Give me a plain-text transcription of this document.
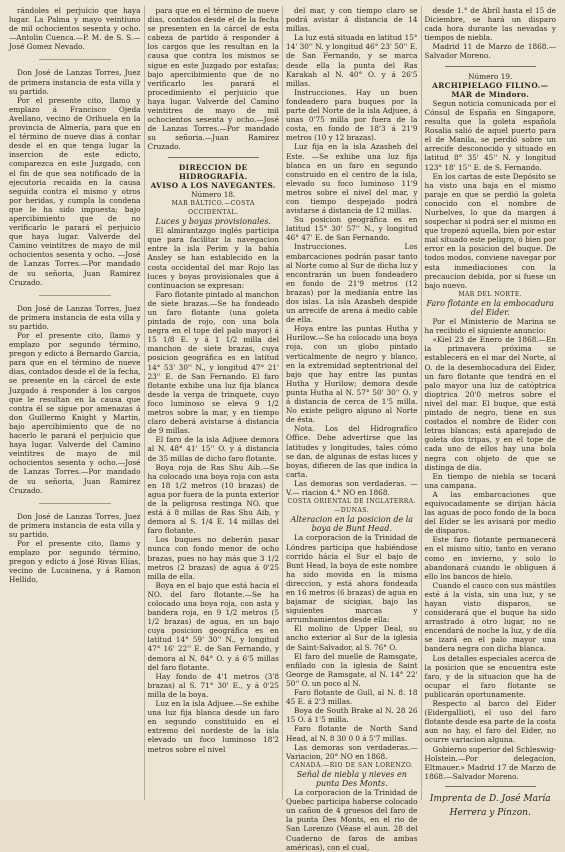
rándoles el perjuicio que haya lugar. La Palma y mayo veintiuno de mil ochocientos sesenta y ocho.—Antolin Cuenca.—P. M. de S. S.—José Gomez Nevado.

Don José de Lanzas Torres, Juez de primera instancia de esta villa y su partido.

Por el presente cito, llamo y emplazo á Francisco Ojeda Avellano, vecino de Orihuela en la provincia de Almería, para que en el término de nueve dias á contar desde el en que tenga lugar la insercion de este edicto, comparezca en este Juzgado, con el fin de que sea notificado de la ejecutoria recaida en la causa seguida contra el mismo y otros por heridas, y cumpla la condena que le ha sido impuesta; bajo apercibimiento que de no verificarlo le parará el perjuicio que haya lugar. Valverde del Camino veintitres de mayo de mil ochocientos sesenta y ocho. —José de Lanzas Torres.—Por mandado de su señoria, Juan Ramirez Cruzado.

Don José de Lanzas Torres, Juez de primera instancia de esta villa y su partido.

Por el presente cito, llamo y emplazo por segundo término, pregon y edicto á Bernardo Garcia, para que en el término de nueve dias, contados desde el de la fecha, se presente en la cárcel de este Juzgado á responder á los cargos que le resultan en la causa que contra él se sigue por amenazas á don Guillermo Knight y Martin, bajo apercibimiento que de no hacerlo le parará el perjuicio que haya lugar. Valverde del Camino veintitres de mayo de mil ochocientos sesenta y ocho.—José de Lanzas Torres.—Por mandado de su señoria, Juan Ramirez Cruzado.

Don José de Lanzas Torres, Juez de primera instancia de esta villa y su partido.

Por el presente cito, llamo y emplazo por segundo término, pregon y edicto á José Rivas Elías, vecino de Lucainena, y á Ramon Hellido,

para que en el término de nueve dias, contados desde el de la fecha se presenten en la cárcel de esta cabeza de partido á responder á los cargos que les resultan en la causa que contra los mismos se sigue en este Juzgado por estafas; bajo apercibimiento que de no verificarlo les parará el procedimiento el perjuicio que haya lugar. Valverde del Camino veintitres de mayo de mil ochocientos sesenta y ocho.—José de Lanzas Torres.—Por mandado su señoria.—Juan Ramirez Cruzado.

DIRECCION DE HIDROGRAFÍA.

AVISO A LOS NAVEGANTES.

Número 18.

MAR BÁLTICO.—COSTA OCCIDENTAL.

Luces y boyas provisionales.

El almirantazgo inglés participa que para facilitar la navegacion entre la isla Perim y la bahía Ansley se han establecido en la costa occidental del mar Rojo las luces y boyas provisionales que á continuacion se expresan:

Faro flotante pintado al manchon de siete brazas.—Se ha fondeado un faro flotante (una goleta pintada de rojo, con una bola negra en el tope del palo mayor) á 15 1/8 E. y á 1 1/2 milla del manchon de siete brazas, cuya posicion geográfica es en latitud 14° 53' 30'' N., y longitud 47° 21' 23'' E. de San Fernando. El faro flotante exhibe una luz fija blanca desde la verga de trinquete, cuyo foco luminoso se eleva 9 1/2 metros sobre la mar, y en tiempo claro deberá avistarse á distancia de 9 millas.

El faro de la isla Adjuee demora al N. 48° 41' 15'' O. y á distancia de 35 millas de dicho faro flotante.

Boya roja de Ras Shu Aib.—Se ha colocado una boya roja con asta en 18 1/2 metros (10 brazas) de agua por fuera de la punta exterior de la peligrosa restinga NO. que está á 8 millas de Ras Shu Aib, y demora al S. 1/4 E. 14 millas del faro flotante.

Los buques no deberán pasar nunca con fondo menor de ocho brazas, pues no hay más que 3 1/2 metros (2 brazas) de agua á 0'25 milla de ella.

Boya en el bajo que está hacia el NO. del faro flotante.—Se ha colocado una boya roja, con asta y bandera roja, en 9 1/2 metros (5 1/2 brazas) de agua, en un bajo cuya posicion geográfica es en latitud 14° 59' 30'' N., y longitud 47° 16' 22'' E. de San Fernando, y demora al N. 84° O. y á 6'5 millas del faro flotante.

Hay fondo de 4'1 metros (3'8 brazas) al S. 71° 30' E., y á 0'25 milla de la boya.

Luz en la isla Adjuee.—Se exhibe una luz fija blanca desde un faro en segundo constituido en el extremo del nordeste de la isla elevado un foco luminoso 18'2 metros sobre el nivel

del mar, y con tiempo claro se podrá avistar á distancia de 14 millas.

La luz está situada en latitud 15° 14' 30'' N. y longitud 46° 23' 50'' E. de San Fernando, y se marca desde ella la punta del Ras Karakah al N. 40° O. y á 26'5 millas.

Instrucciones. Hay un buen fondeadero para buques por la parte del Norte de la isla Adjuee, á unas 0'75 milla por fuera de la costa, en fondo de 18'3 á 21'9 metros (10 y 12 brazas).

Luz fija en la isla Azasbeh del Este. —Se exhibe una luz fija blanca en un faro en segundo construido en el centro de la isla, elevado su foco luminoso 11'9 metros sobre el nivel del mar, y con tiempo despejado podrá avistarse á distancia de 12 millas.

Su posicion geográfica es en latitud 15° 30' 57'' N., y longitud 46° 47' E. de San Fernando.

Instrucciones. Los embarcaciones podrán pasar tanto al Norte como al Sur de dicha luz y encontrarán un buen fondeadero en fondo de 21'9 metros (12 brazas) por la medianía entre las dos islas. La isla Azasbeh despide un arrecife de arena á medio cable de ella.

Hoya entre las puntas Hutha y Hurilow.—Se ha colocado una boya roja, con un globo pintado verticalmente de negro y blanco, en la extremidad septentrional del bajo que hay entre las puntas Hutha y Hurilow; demora desde punta Hutha al N. 57° 50' 30'' O. y á distancia de cerca de 1'5 milla. No existe peligro alguno al Norte de ésta.

Nota. Los del Hidrografíco Office. Debe advertirse que las latitudes y longitudes, tales cómo se dan, de algunas de estas luces y boyas, difieren de las que indica la carta.

Las demoras son verdaderas. —V.— riacion 4.° NO en 1868.

COSTA ORIENTAL DE INGLATERRA.—DUNAS.

Alteracion en la posicion de la boya de Bunt Head.

La corporacion de la Trinidad de Lóndres participa que habiéndose corrido hácia el Sur el bajo de Bunt Head, la boya de este nombre ha sido movida en la misma direccion, y está ahora fondeada en 16 metros (6 brazas) de agua en bajamar de sicigias, bajo las siguientes marcas y arrumbamientos desde ella:

El molino de Upper Deal, su ancho exterior al Sur de la iglesia de Saint-Salvador, al S. 76° O.

El faro del muelle de Ramsgate, enfilado con la iglesia de Saint George de Ramsgate, al N. 14° 22' 50'' O. un poco al N.

Faro flotante de Gull, al N. 8. 18 45 E. á 2'3 millas.

Boya de South Brake al N. 28 26 15 O. á 1'5 milla.

Faro flotante de North Sand Head, al N. 8 30 0 0 á 5'7 millas.

Las demoras son verdaderas.—Variacion, 20° NO en 1868.

CANADÁ.—RIO DE SAN LORENZO.

Señal de niebla y nieves en punta Des Monts.

La corporacion de la Trinidad de Quebec participa haberse colocado un cañon de 4 gruesos del faro de la punta Des Monts, en el rio de San Lorenzo (Véase el aun. 28 del Cuaderno de faros de ambas américas), con el cual,

desde 1.° de Abril hasta el 15 de Diciembre, se hará un disparo cada hora durante las nevadas y tiempos de niebla.

Madrid 11 de Marzo de 1868.— Salvador Moreno.

Número 19.

ARCHIPIELAGO FILINO.—MAR de Mindoro.

Segun noticia comunicada por el Cónsul de España en Singapore, resulta que la goleta española Rosalia salió de aquel puerto para el de Manila, se perdió sobre un arrecife desconocido y situado en latitud 8° 35' 45'' N. y longitud 123° 18' 15'' E. de S. Fernando.

En los cartas de este Depósito se ha visto una baja en el mismo paraje en que se perdió la goleta conocido con el nombre de Nurbelves, lo que da margen á sospechar si podrá ser el mismo en que tropezó aquella, bien por estar mal situado este peligro, ó bien por error en la posicion del buque. De todos modos, conviene navegar por esta inmediaciones con la precaucion debida, por si fuese un bajo nuevo.

MAR DEL NORTE.

Faro flotante en la embocadura del Eider.

Por el Ministerio de Marina se ha recibido el siguiente anuncio:

«Kiel 23 de Enero de 1868.—En la primavera próxima se establecerá en el mar del Norte, al O. de la desembocadura del Eider, un faro flotante que tendrá en el palo mayor una luz de catóptrica dioptrica 20'0 metros sobre el nivel del mar. El buque, que está pintado de negro, tiene en sus costados el nombre de Eider con letras blancas; está aparejado de goleta dos tripas, y en el tope de cada uno de ellos hay una bola negra con objeto de que se distinga de día.

En tiempo de niebla se tocará una campana.

A las embarcaciones que equivocadamente se dirijan hácia las aguas de poco fondo de la boca del Eider se les avisará por medio de disparos.

Este faro flotante permanecerá en el mismo sitio, tanto en verano como en invierno, y solo lo abandonará cuando le obliguen á ello los bancos de hielo.

Cuando el casco con sus mástiles esté á la vista, sin una luz, y se hayan visto disparos, se considerará que el buque ha sido arrastrado á otro lugar, no se encendará de noche la luz, y de día se izará en el palo mayor una bandera negra con dicha blanca.

Los detalles especiales acerca de la posicion que se encuentra este faro, y de la situacion que ha de ocupar el faro flotante se publicarán oportunamente.

Respecto al barco del Eider (Eidergalliot), el uso del faro flotante desde esa parte de la costa aun no hay, el faro del Eider, no ocurre variacion alguna.

Gobierno superior del Schleswig-Holstein.—Por delegacion, Eltmauer.» Madrid 17 de Marzo de 1868.—Salvador Moreno.

Imprenta de D. José María Herrera y Pinzon.
